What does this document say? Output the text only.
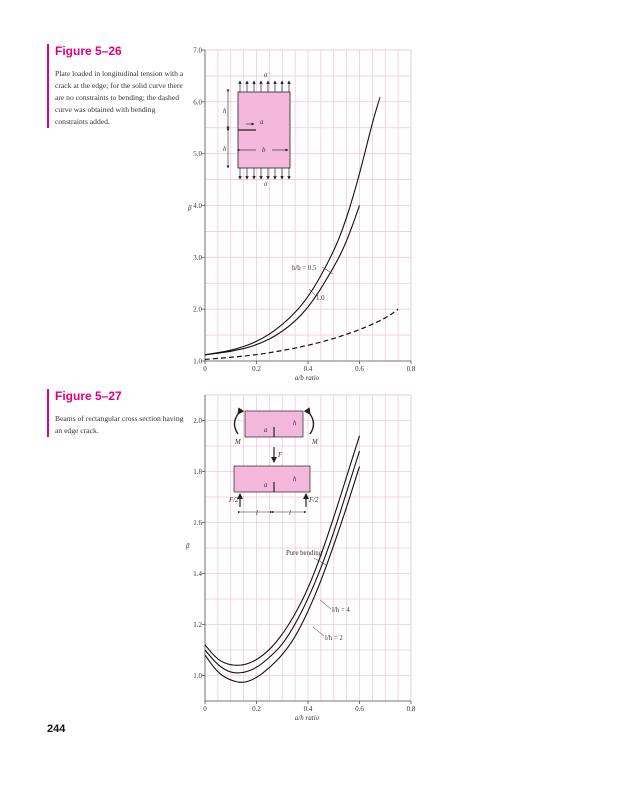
Figure 5–26

Plate loaded in longitudinal tension with a crack at the edge; for the solid curve there are no constraints to bending; the dashed curve was obtained with bending constraints added.

Figure 5–27

Beams of rectangular cross section having an edge crack.

244
0	0.2	0.4	0.6	0.8
1.0
2.0
3.0
4.0
5.0
6.0
7.0
σ
σ
h
h
a
b
h/b = 0.5
1.0
β
a/b ratio
0	0.2	0.4	0.6	0.8
1.0
1.2
1.4
1.6
1.8
2.0
M	M
a
h
F
a
h
F/2	F/2
l	l
Pure bending
l/h = 4
l/h = 2
β
a/h ratio
